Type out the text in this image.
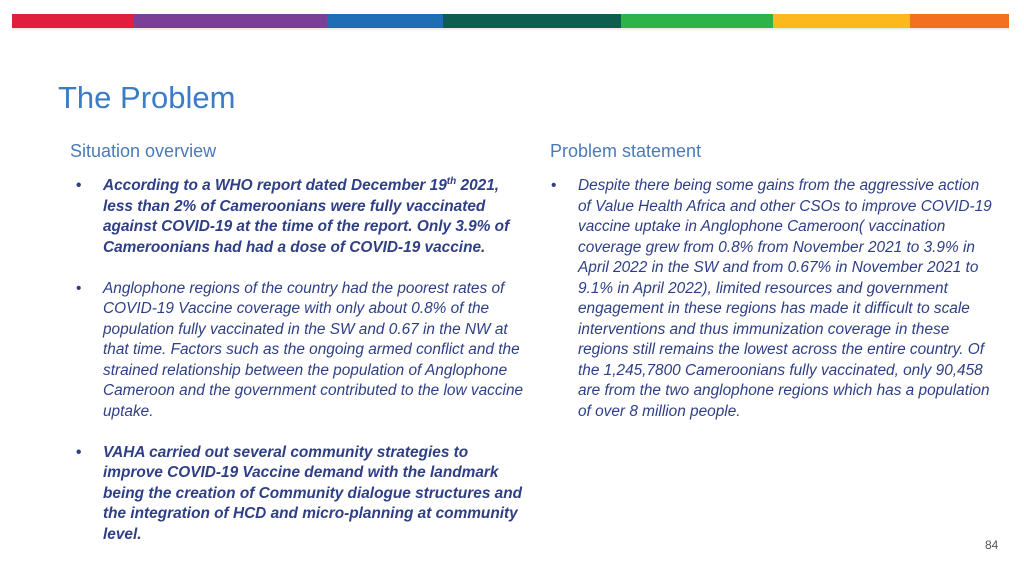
The Problem
Situation overview	Problem statement
• According to a WHO report dated December 19th 2021, less than 2% of Cameroonians were fully vaccinated against COVID-19 at the time of the report. Only 3.9% of Cameroonians had had a dose of COVID-19 vaccine.
• Anglophone regions of the country had the poorest rates of COVID-19 Vaccine coverage with only about 0.8% of the population fully vaccinated in the SW and 0.67 in the NW at that time. Factors such as the ongoing armed conflict and the strained relationship between the population of Anglophone Cameroon and the government contributed to the low vaccine uptake.
• VAHA carried out several community strategies to improve COVID-19 Vaccine demand with the landmark being the creation of Community dialogue structures and the integration of HCD and micro-planning at community level.
• Despite there being some gains from the aggressive action of Value Health Africa and other CSOs to improve COVID-19 vaccine uptake in Anglophone Cameroon( vaccination coverage grew from 0.8% from November 2021 to 3.9% in April 2022 in the SW and from 0.67% in November 2021 to 9.1% in April 2022), limited resources and government engagement in these regions has made it difficult to scale interventions and thus immunization coverage in these regions still remains the lowest across the entire country. Of the 1,245,7800 Cameroonians fully vaccinated, only 90,458 are from the two anglophone regions which has a population of over 8 million people.
84
